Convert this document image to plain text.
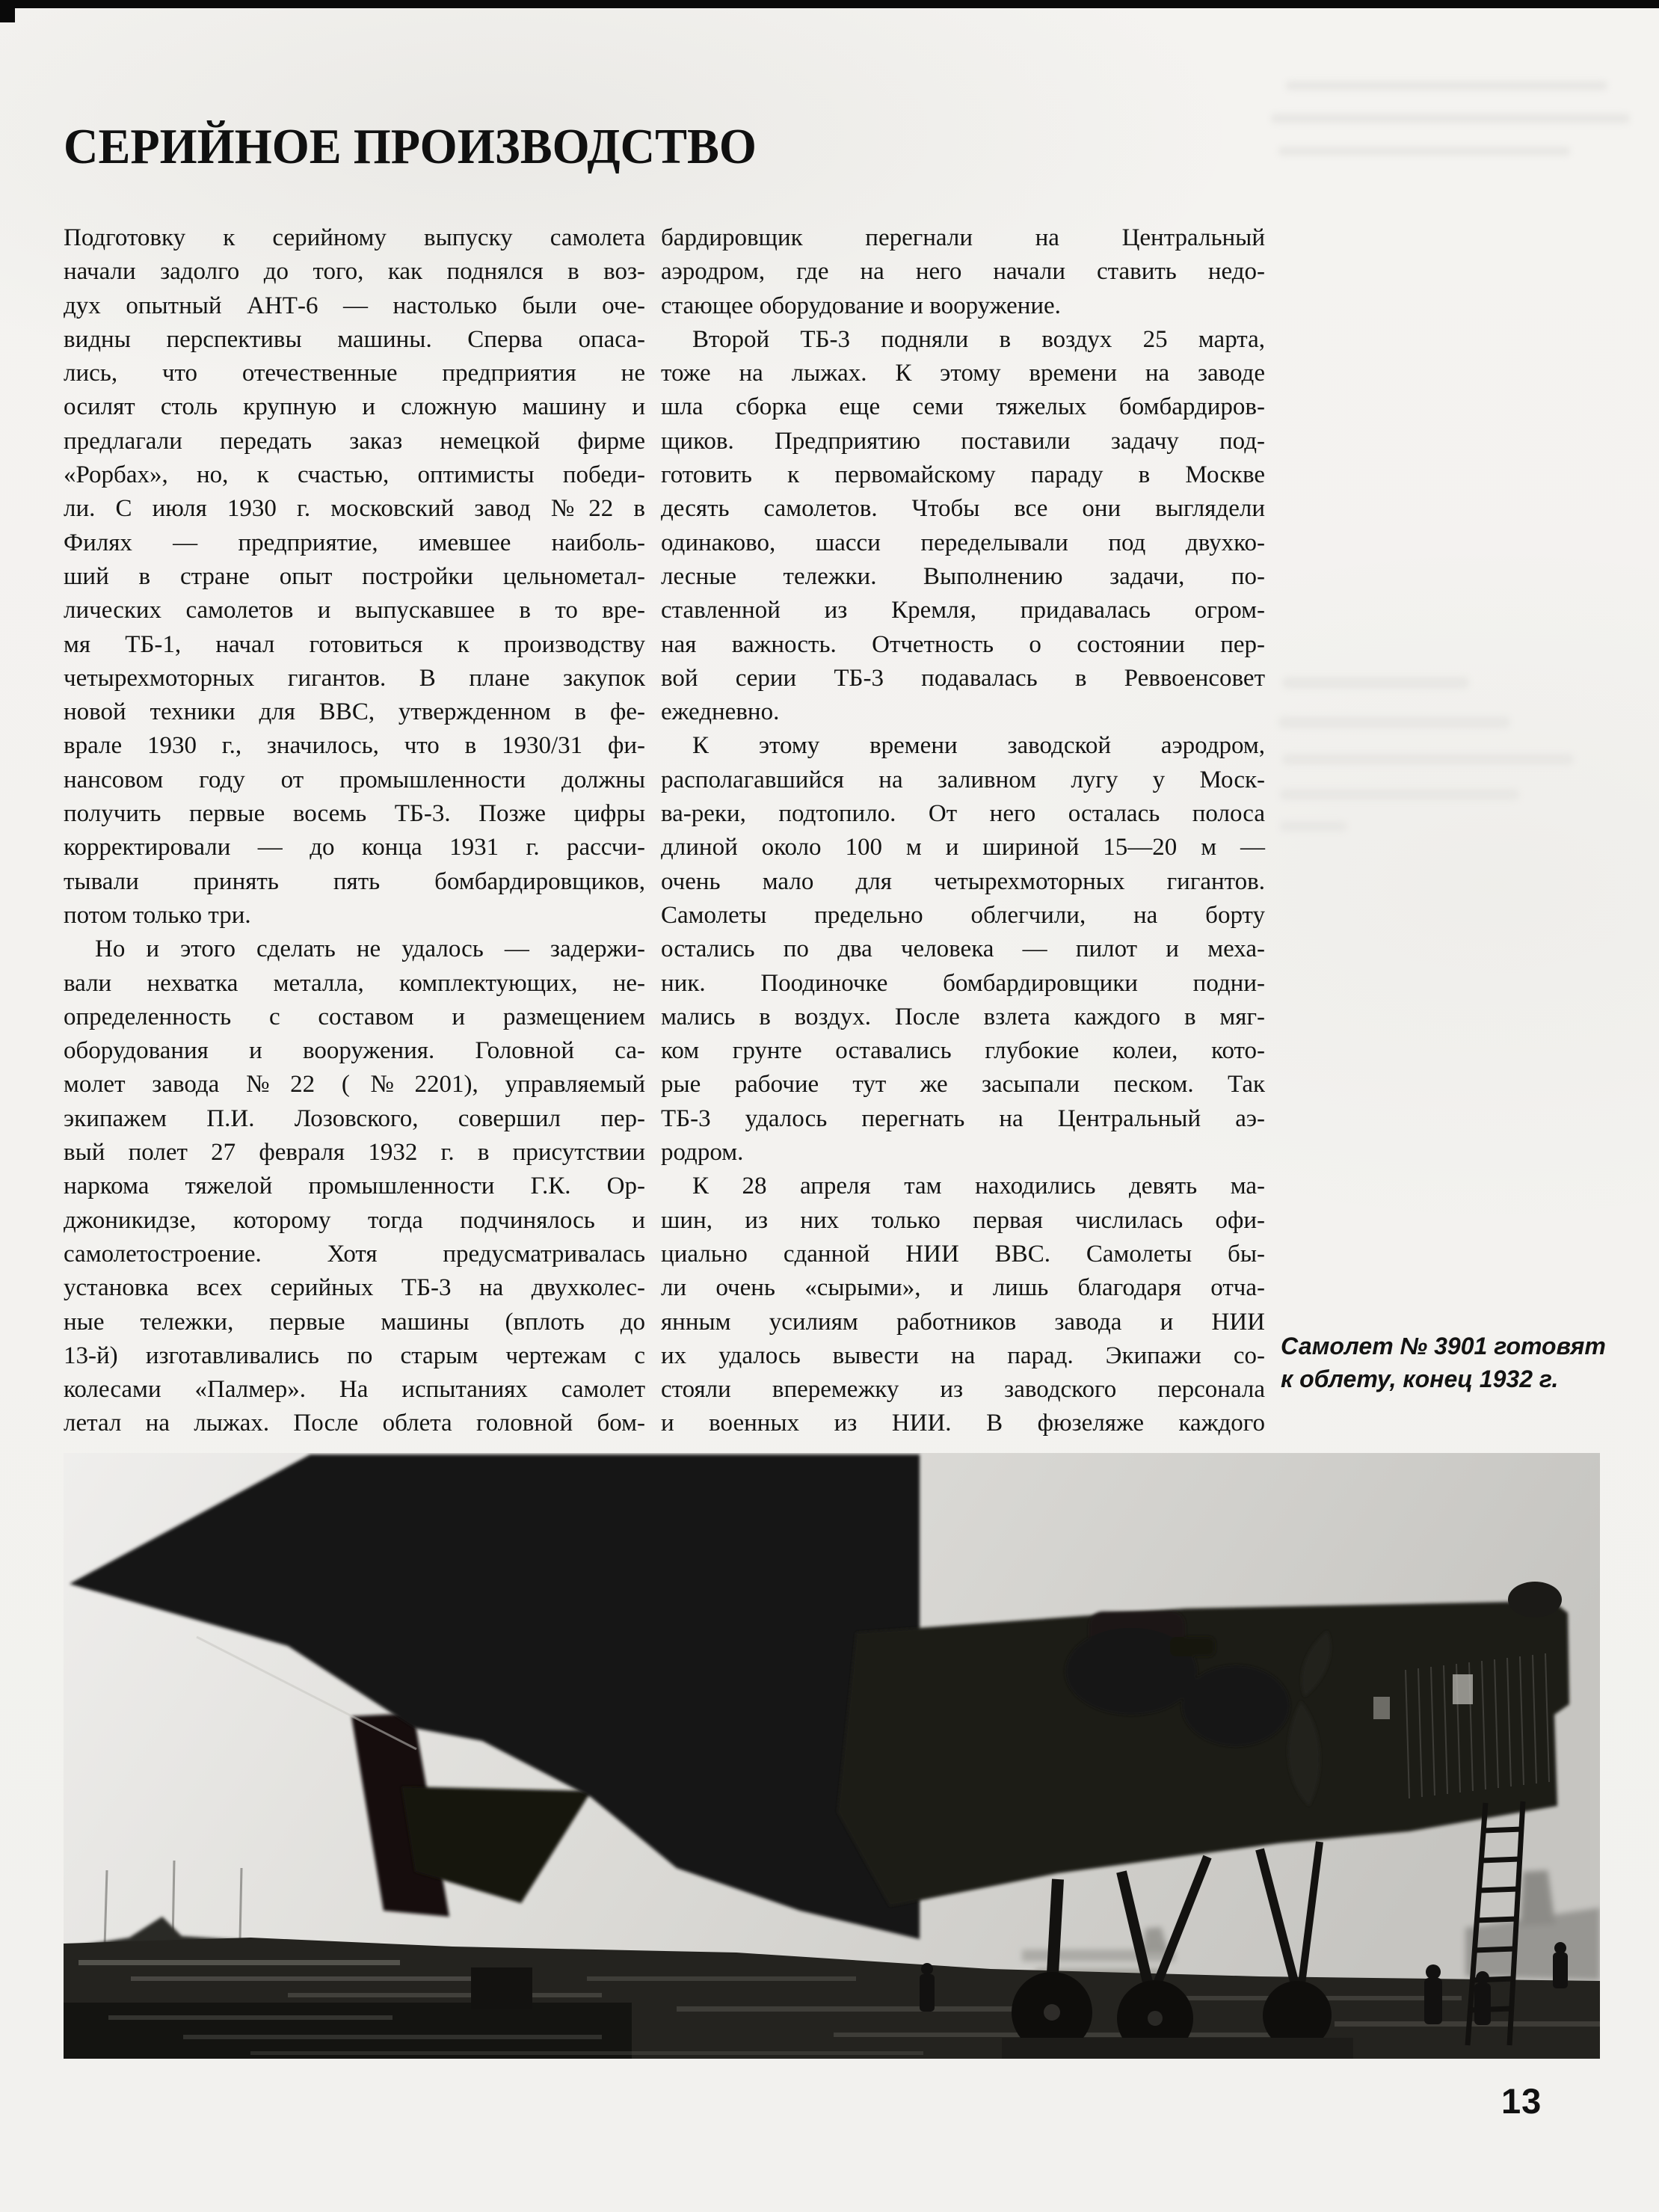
СЕРИЙНОЕ ПРОИЗВОДСТВО
Подготовку к серийному выпуску самолета
начали задолго до того, как поднялся в воз-
дух опытный АНТ-6 — настолько были оче-
видны перспективы машины. Сперва опаса-
лись, что отечественные предприятия не
осилят столь крупную и сложную машину и
предлагали передать заказ немецкой фирме
«Рорбах», но, к счастью, оптимисты победи-
ли. С июля 1930 г. московский завод №22 в
Филях — предприятие, имевшее наиболь-
ший в стране опыт постройки цельнометал-
лических самолетов и выпускавшее в то вре-
мя ТБ-1, начал готовиться к производству
четырехмоторных гигантов. В плане закупок
новой техники для ВВС, утвержденном в фе-
врале 1930 г., значилось, что в 1930/31 фи-
нансовом году от промышленности должны
получить первые восемь ТБ-3. Позже цифры
корректировали — до конца 1931 г. рассчи-
тывали принять пять бомбардировщиков,
потом только три.
Но и этого сделать не удалось — задержи-
вали нехватка металла, комплектующих, не-
определенность с составом и размещением
оборудования и вооружения. Головной са-
молет завода №22 (№2201), управляемый
экипажем П.И. Лозовского, совершил пер-
вый полет 27 февраля 1932 г. в присутствии
наркома тяжелой промышленности Г.К. Ор-
джоникидзе, которому тогда подчинялось и
самолетостроение. Хотя предусматривалась
установка всех серийных ТБ-3 на двухколес-
ные тележки, первые машины (вплоть до
13-й) изготавливались по старым чертежам с
колесами «Палмер». На испытаниях самолет
летал на лыжах. После облета головной бом-
бардировщик перегнали на Центральный
аэродром, где на него начали ставить недо-
стающее оборудование и вооружение.
Второй ТБ-3 подняли в воздух 25 марта,
тоже на лыжах. К этому времени на заводе
шла сборка еще семи тяжелых бомбардиров-
щиков. Предприятию поставили задачу под-
готовить к первомайскому параду в Москве
десять самолетов. Чтобы все они выглядели
одинаково, шасси переделывали под двухко-
лесные тележки. Выполнению задачи, по-
ставленной из Кремля, придавалась огром-
ная важность. Отчетность о состоянии пер-
вой серии ТБ-3 подавалась в Реввоенсовет
ежедневно.
К этому времени заводской аэродром,
располагавшийся на заливном лугу у Моск-
ва-реки, подтопило. От него осталась полоса
длиной около 100 м и шириной 15—20 м —
очень мало для четырехмоторных гигантов.
Самолеты предельно облегчили, на борту
остались по два человека — пилот и меха-
ник. Поодиночке бомбардировщики подни-
мались в воздух. После взлета каждого в мяг-
ком грунте оставались глубокие колеи, кото-
рые рабочие тут же засыпали песком. Так
ТБ-3 удалось перегнать на Центральный аэ-
родром.
К 28 апреля там находились девять ма-
шин, из них только первая числилась офи-
циально сданной НИИ ВВС. Самолеты бы-
ли очень «сырыми», и лишь благодаря отча-
янным усилиям работников завода и НИИ
их удалось вывести на парад. Экипажи со-
стояли вперемежку из заводского персонала
и военных из НИИ. В фюзеляже каждого
Самолет № 3901 готовят
к облету, конец 1932 г.
13
